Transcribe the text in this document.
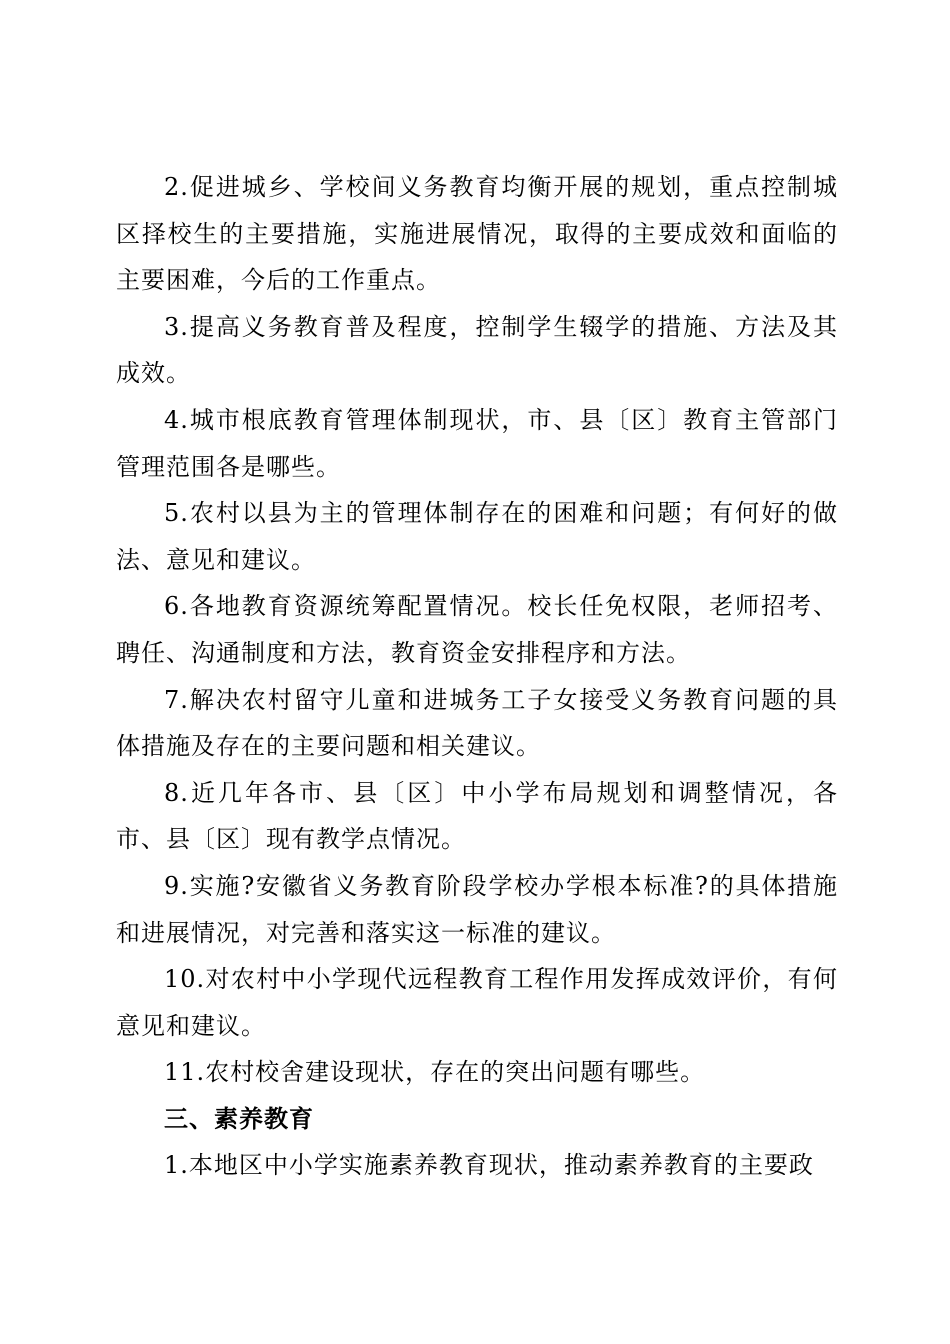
2.促进城乡、学校间义务教育均衡开展的规划，重点控制城区择校生的主要措施，实施进展情况，取得的主要成效和面临的主要困难，今后的工作重点。

3.提高义务教育普及程度，控制学生辍学的措施、方法及其成效。

4.城市根底教育管理体制现状，市、县〔区〕教育主管部门管理范围各是哪些。

5.农村以县为主的管理体制存在的困难和问题；有何好的做法、意见和建议。

6.各地教育资源统筹配置情况。校长任免权限，老师招考、聘任、沟通制度和方法，教育资金安排程序和方法。

7.解决农村留守儿童和进城务工子女接受义务教育问题的具体措施及存在的主要问题和相关建议。

8.近几年各市、县〔区〕中小学布局规划和调整情况，各市、县〔区〕现有教学点情况。

9.实施?安徽省义务教育阶段学校办学根本标准?的具体措施和进展情况，对完善和落实这一标准的建议。

10.对农村中小学现代远程教育工程作用发挥成效评价，有何意见和建议。

11.农村校舍建设现状，存在的突出问题有哪些。

三、素养教育

1.本地区中小学实施素养教育现状，推动素养教育的主要政
